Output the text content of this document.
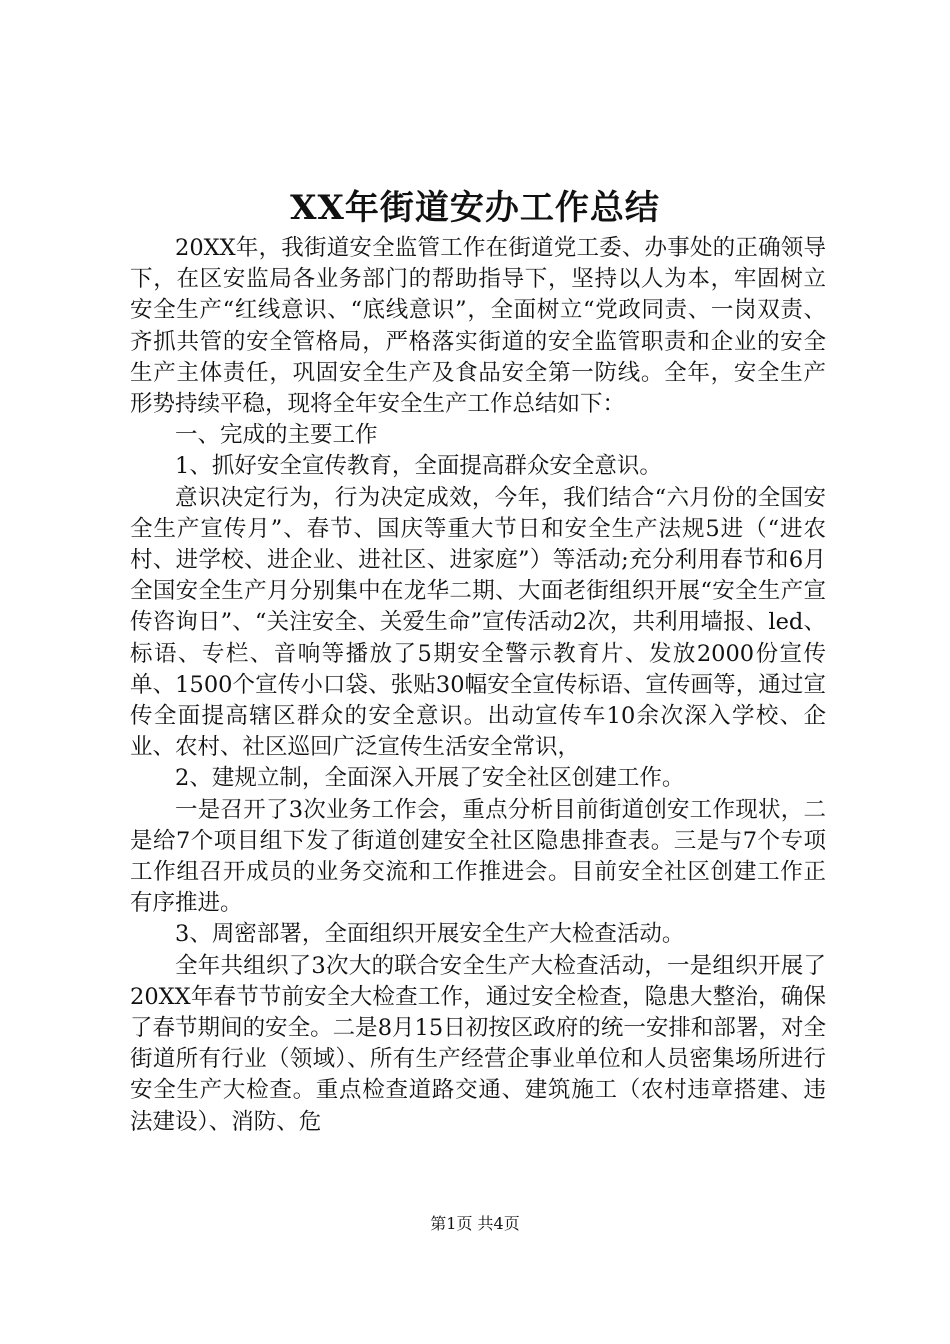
XX年街道安办工作总结

20XX年，我街道安全监管工作在街道党工委、办事处的正确领导下，在区安监局各业务部门的帮助指导下，坚持以人为本，牢固树立安全生产“红线意识、“底线意识”，全面树立“党政同责、一岗双责、齐抓共管的安全管格局，严格落实街道的安全监管职责和企业的安全生产主体责任，巩固安全生产及食品安全第一防线。全年，安全生产形势持续平稳，现将全年安全生产工作总结如下：

一、完成的主要工作

1、抓好安全宣传教育，全面提高群众安全意识。

意识决定行为，行为决定成效，今年，我们结合“六月份的全国安全生产宣传月”、春节、国庆等重大节日和安全生产法规5进（“进农村、进学校、进企业、进社区、进家庭”）等活动;充分利用春节和6月全国安全生产月分别集中在龙华二期、大面老街组织开展“安全生产宣传咨询日”、“关注安全、关爱生命”宣传活动2次，共利用墙报、led、标语、专栏、音响等播放了5期安全警示教育片、发放2000份宣传单、1500个宣传小口袋、张贴30幅安全宣传标语、宣传画等，通过宣传全面提高辖区群众的安全意识。出动宣传车10余次深入学校、企业、农村、社区巡回广泛宣传生活安全常识，

2、建规立制，全面深入开展了安全社区创建工作。

一是召开了3次业务工作会，重点分析目前街道创安工作现状，二是给7个项目组下发了街道创建安全社区隐患排查表。三是与7个专项工作组召开成员的业务交流和工作推进会。目前安全社区创建工作正有序推进。

3、周密部署，全面组织开展安全生产大检查活动。

全年共组织了3次大的联合安全生产大检查活动，一是组织开展了20XX年春节节前安全大检查工作，通过安全检查，隐患大整治，确保了春节期间的安全。二是8月15日初按区政府的统一安排和部署，对全街道所有行业（领域）、所有生产经营企事业单位和人员密集场所进行安全生产大检查。重点检查道路交通、建筑施工（农村违章搭建、违法建设）、消防、危

第1页 共4页
